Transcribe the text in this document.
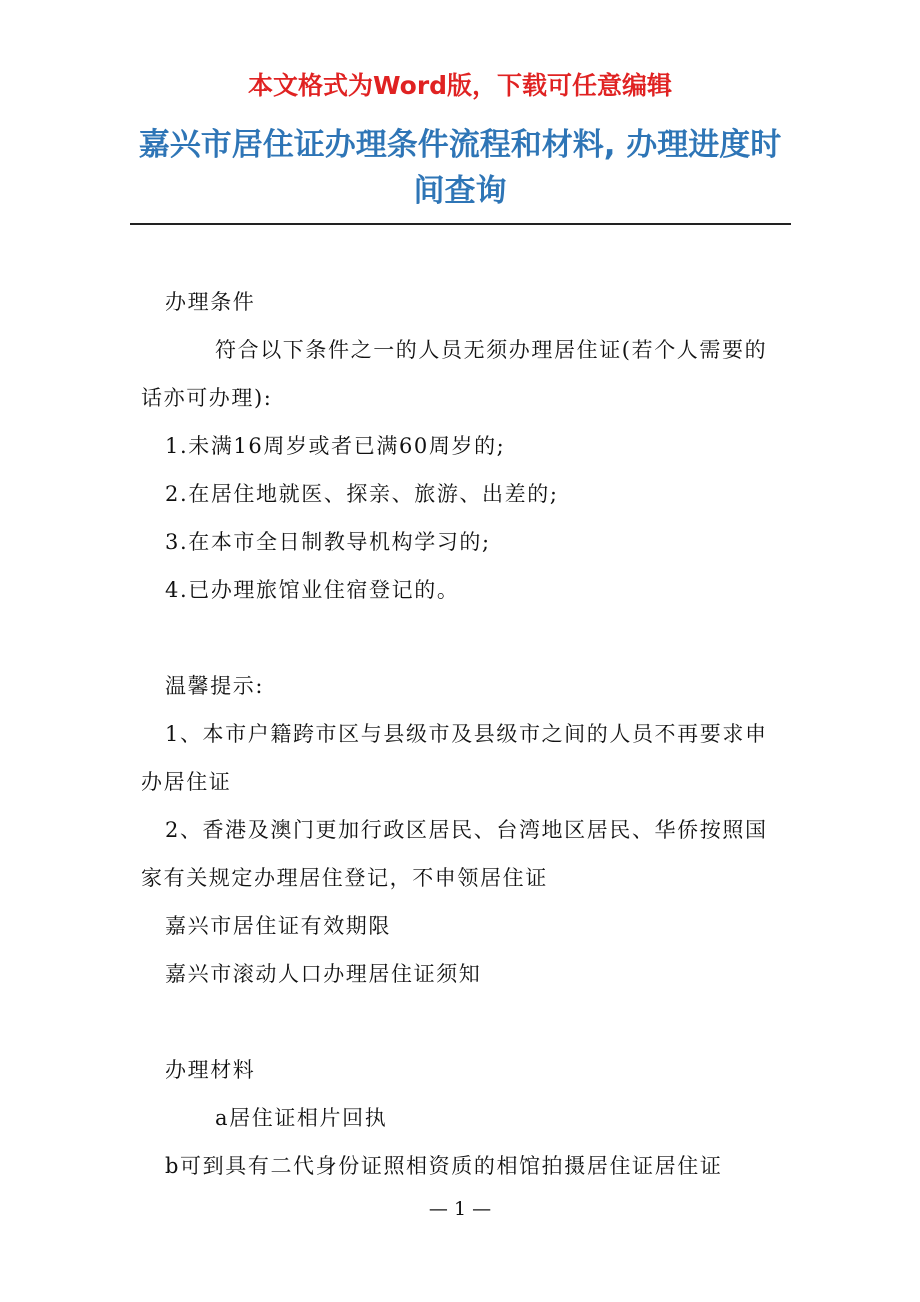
本文格式为Word版，下载可任意编辑
嘉兴市居住证办理条件流程和材料, 办理进度时间查询

办理条件

符合以下条件之一的人员无须办理居住证(若个人需要的话亦可办理):

1.未满16周岁或者已满60周岁的;

2.在居住地就医、探亲、旅游、出差的;

3.在本市全日制教导机构学习的;

4.已办理旅馆业住宿登记的。

温馨提示:

1、本市户籍跨市区与县级市及县级市之间的人员不再要求申办居住证

2、香港及澳门更加行政区居民、台湾地区居民、华侨按照国家有关规定办理居住登记，不申领居住证

嘉兴市居住证有效期限

嘉兴市滚动人口办理居住证须知

办理材料

a居住证相片回执

b可到具有二代身份证照相资质的相馆拍摄居住证居住证

— 1 —
